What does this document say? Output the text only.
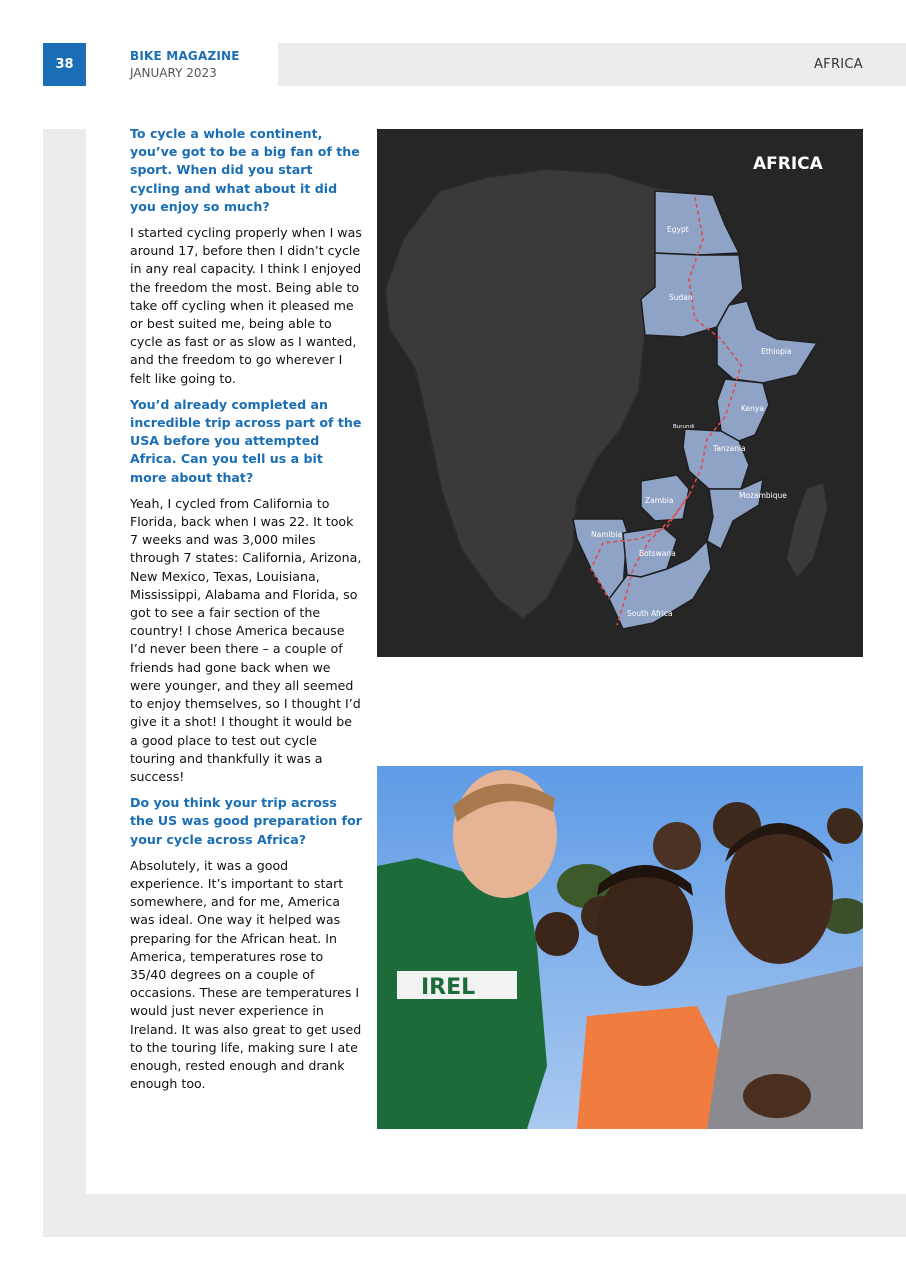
38
BIKE MAGAZINE
JANUARY 2023
AFRICA

To cycle a whole continent, you’ve got to be a big fan of the sport. When did you start cycling and what about it did you enjoy so much?

I started cycling properly when I was around 17, before then I didn’t cycle in any real capacity. I think I enjoyed the freedom the most. Being able to take off cycling when it pleased me or best suited me, being able to cycle as fast or as slow as I wanted, and the freedom to go wherever I felt like going to.

You’d already completed an incredible trip across part of the USA before you attempted Africa. Can you tell us a bit more about that?

Yeah, I cycled from California to Florida, back when I was 22. It took 7 weeks and was 3,000 miles through 7 states: California, Arizona, New Mexico, Texas, Louisiana, Mississippi, Alabama and Florida, so got to see a fair section of the country! I chose America because I’d never been there – a couple of friends had gone back when we were younger, and they all seemed to enjoy themselves, so I thought I’d give it a shot! I thought it would be a good place to test out cycle touring and thankfully it was a success!

Do you think your trip across the US was good preparation for your cycle across Africa?

Absolutely, it was a good experience. It’s important to start somewhere, and for me, America was ideal. One way it helped was preparing for the African heat. In America, temperatures rose to 35/40 degrees on a couple of occasions. These are temperatures I would just never experience in Ireland. It was also great to get used to the touring life, making sure I ate enough, rested enough and drank enough too.

AFRICA
Egypt
Sudan
Ethiopia
Kenya
Burundi
Tanzania
Zambia
Mozambique
Namibia
Botswana
South Africa
IREL
